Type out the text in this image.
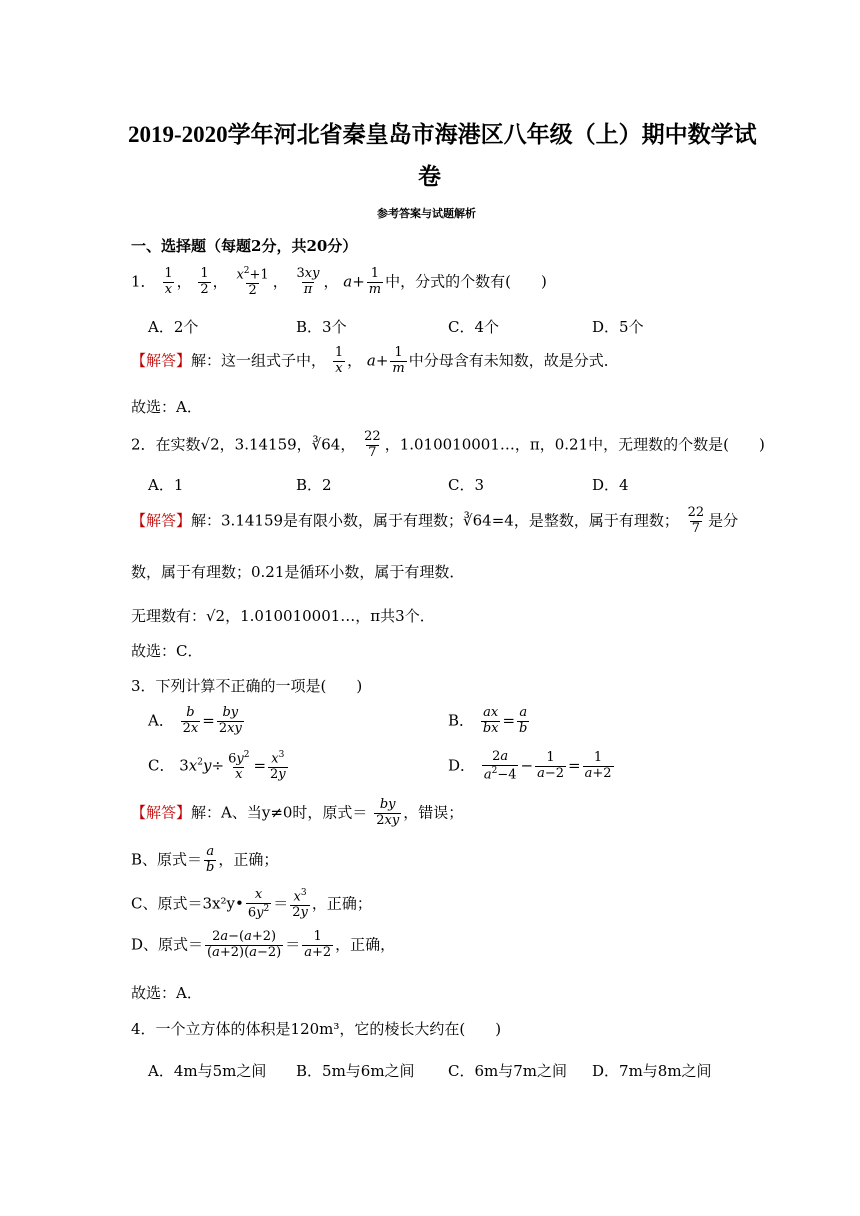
2019-2020学年河北省秦皇岛市海港区八年级（上）期中数学试
卷
参考答案与试题解析
一、选择题（每题2分，共20分）
1． $\frac{1}{x}$ ， $\frac{1}{2}$ ， $\frac{x^2+1}{2}$ ， $\frac{3xy}{\pi}$ ， $a+ \frac{1}{m}$ 中，分式的个数有(　　)
A．2个	B．3个	C．4个	D．5个
【解答】解：这一组式子中， $\frac{1}{x}$ ， $a+ \frac{1}{m}$ 中分母含有未知数，故是分式．
故选：A．
2．在实数√2，3.14159，∛64， $\frac{22}{7}$ ，1.010010001…，π，0.21中，无理数的个数是(　　)
A．1	B．2	C．3	D．4
【解答】解：3.14159是有限小数，属于有理数；∛64=4，是整数，属于有理数； $\frac{22}{7}$ 是分
数，属于有理数；0.21是循环小数，属于有理数．
无理数有：√2，1.010010001…，π共3个．
故选：C．
3．下列计算不正确的一项是(　　)
A． $\frac{b}{2x} = \frac{by}{2xy}$	B． $\frac{ax}{bx} = \frac{a}{b}$
C． $3x^2y\div \frac{6y^2}{x} = \frac{x^3}{2y}$	D． $\frac{2a}{a^2-4} - \frac{1}{a-2} = \frac{1}{a+2}$
【解答】解：A、当y≠0时，原式＝ $\frac{by}{2xy}$ ，错误；
B、原式＝ $\frac{a}{b}$ ，正确；
C、原式＝3x²y• $\frac{x}{6y^2} = \frac{x^3}{2y}$ ，正确；
D、原式＝ $\frac{2a-(a+2)}{(a+2)(a-2)} = \frac{1}{a+2}$ ，正确，
故选：A．
4．一个立方体的体积是120m³，它的棱长大约在(　　)
A．4m与5m之间 B．5m与6m之间 C．6m与7m之间 D．7m与8m之间
